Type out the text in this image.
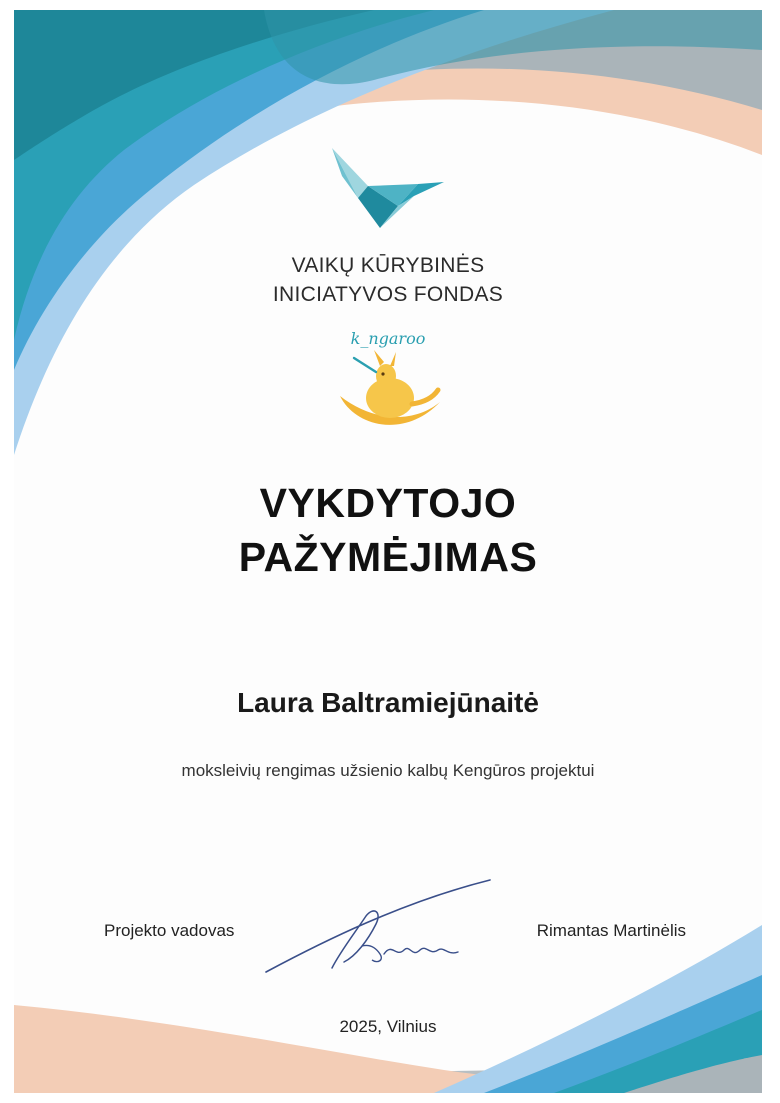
VAIKŲ KŪRYBINĖS
INICIATYVOS FONDAS
k_ngaroo
VYKDYTOJO
PAŽYMĖJIMAS
Laura Baltramiejūnaitė
moksleivių rengimas užsienio kalbų Kengūros projektui
Projekto vadovas	Rimantas Martinėlis
2025, Vilnius
